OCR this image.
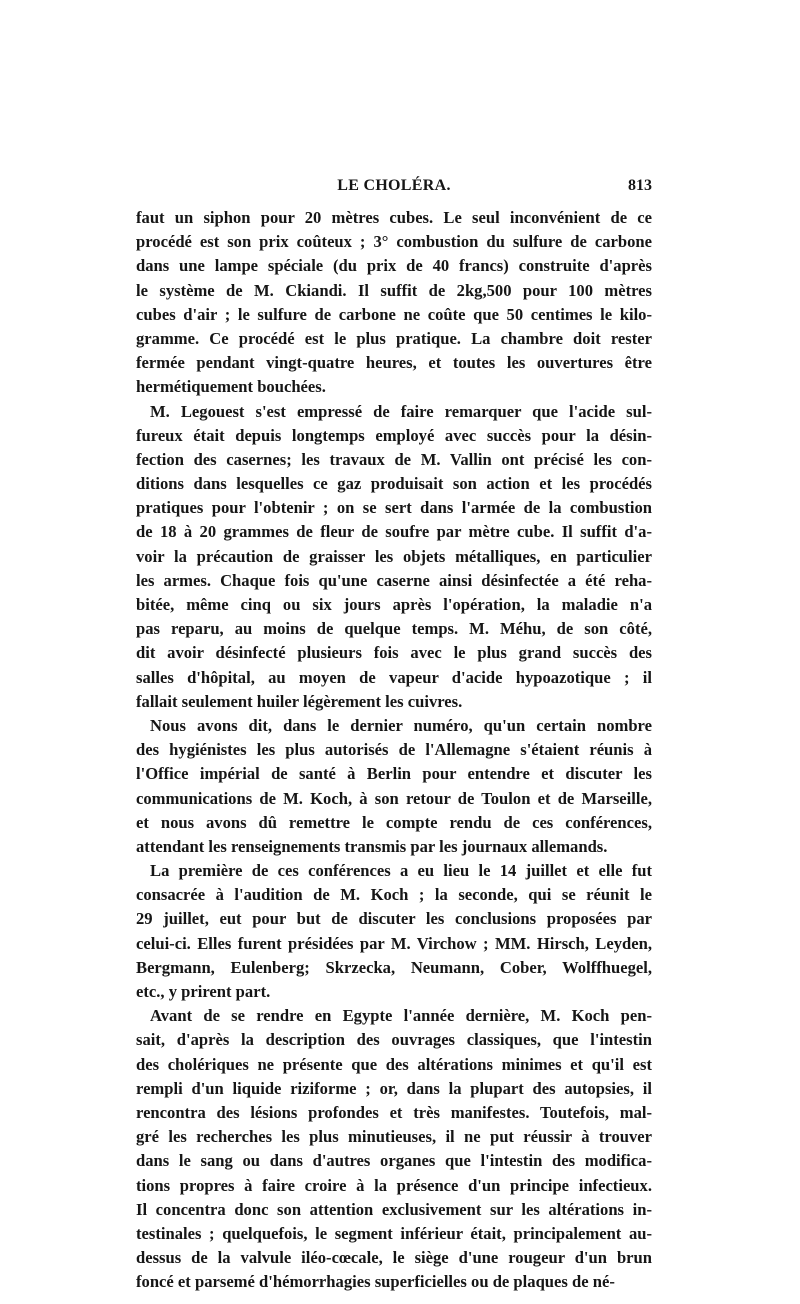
LE CHOLÉRA.	813
faut un siphon pour 20 mètres cubes. Le seul inconvénient de ce
procédé est son prix coûteux ; 3° combustion du sulfure de carbone
dans une lampe spéciale (du prix de 40 francs) construite d'après
le système de M. Ckiandi. Il suffit de 2kg,500 pour 100 mètres
cubes d'air ; le sulfure de carbone ne coûte que 50 centimes le kilo-
gramme. Ce procédé est le plus pratique. La chambre doit rester
fermée pendant vingt-quatre heures, et toutes les ouvertures être
hermétiquement bouchées.
M. Legouest s'est empressé de faire remarquer que l'acide sul-
fureux était depuis longtemps employé avec succès pour la désin-
fection des casernes; les travaux de M. Vallin ont précisé les con-
ditions dans lesquelles ce gaz produisait son action et les procédés
pratiques pour l'obtenir ; on se sert dans l'armée de la combustion
de 18 à 20 grammes de fleur de soufre par mètre cube. Il suffit d'a-
voir la précaution de graisser les objets métalliques, en particulier
les armes. Chaque fois qu'une caserne ainsi désinfectée a été reha-
bitée, même cinq ou six jours après l'opération, la maladie n'a
pas reparu, au moins de quelque temps. M. Méhu, de son côté,
dit avoir désinfecté plusieurs fois avec le plus grand succès des
salles d'hôpital, au moyen de vapeur d'acide hypoazotique ; il
fallait seulement huiler légèrement les cuivres.
Nous avons dit, dans le dernier numéro, qu'un certain nombre
des hygiénistes les plus autorisés de l'Allemagne s'étaient réunis à
l'Office impérial de santé à Berlin pour entendre et discuter les
communications de M. Koch, à son retour de Toulon et de Marseille,
et nous avons dû remettre le compte rendu de ces conférences,
attendant les renseignements transmis par les journaux allemands.
La première de ces conférences a eu lieu le 14 juillet et elle fut
consacrée à l'audition de M. Koch ; la seconde, qui se réunit le
29 juillet, eut pour but de discuter les conclusions proposées par
celui-ci. Elles furent présidées par M. Virchow ; MM. Hirsch, Leyden,
Bergmann, Eulenberg; Skrzecka, Neumann, Cober, Wolffhuegel,
etc., y prirent part.
Avant de se rendre en Egypte l'année dernière, M. Koch pen-
sait, d'après la description des ouvrages classiques, que l'intestin
des cholériques ne présente que des altérations minimes et qu'il est
rempli d'un liquide riziforme ; or, dans la plupart des autopsies, il
rencontra des lésions profondes et très manifestes. Toutefois, mal-
gré les recherches les plus minutieuses, il ne put réussir à trouver
dans le sang ou dans d'autres organes que l'intestin des modifica-
tions propres à faire croire à la présence d'un principe infectieux.
Il concentra donc son attention exclusivement sur les altérations in-
testinales ; quelquefois, le segment inférieur était, principalement au-
dessus de la valvule iléo-cœcale, le siège d'une rougeur d'un brun
foncé et parsemé d'hémorrhagies superficielles ou de plaques de né-
